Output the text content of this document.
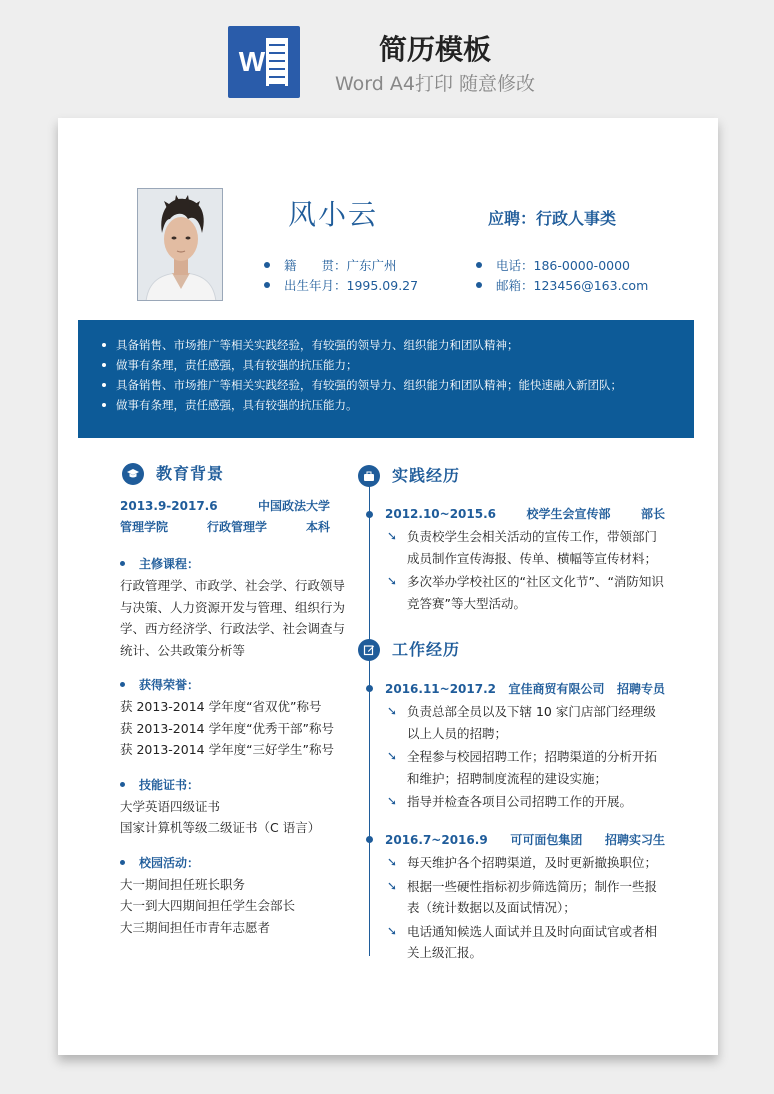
W	简历模板
Word A4打印 随意修改
风小云	应聘：行政人事类
籍　　贯：广东广州
出生年月：1995.09.27
电话：186-0000-0000
邮箱：123456@163.com
具备销售、市场推广等相关实践经验，有较强的领导力、组织能力和团队精神；
做事有条理，责任感强，具有较强的抗压能力；
具备销售、市场推广等相关实践经验，有较强的领导力、组织能力和团队精神；能快速融入新团队；
做事有条理，责任感强，具有较强的抗压能力。
教育背景
2013.9-2017.6	中国政法大学
管理学院	行政管理学	本科
主修课程：
行政管理学、市政学、社会学、行政领导与决策、人力资源开发与管理、组织行为学、西方经济学、行政法学、社会调查与统计、公共政策分析等
获得荣誉：
获 2013-2014 学年度“省双优”称号
获 2013-2014 学年度“优秀干部”称号
获 2013-2014 学年度“三好学生”称号
技能证书：
大学英语四级证书
国家计算机等级二级证书（C 语言）
校园活动：
大一期间担任班长职务
大一到大四期间担任学生会部长
大三期间担任市青年志愿者
实践经历
2012.10~2015.6	校学生会宣传部	部长
➘ 负责校学生会相关活动的宣传工作，带领部门成员制作宣传海报、传单、横幅等宣传材料；
➘ 多次举办学校社区的“社区文化节”、“消防知识竞答赛”等大型活动。
工作经历
2016.11~2017.2 宜佳商贸有限公司 招聘专员
➘ 负责总部全员以及下辖 10 家门店部门经理级以上人员的招聘；
➘ 全程参与校园招聘工作；招聘渠道的分析开拓和维护；招聘制度流程的建设实施；
➘ 指导并检查各项目公司招聘工作的开展。
2016.7~2016.9 可可面包集团 招聘实习生
➘ 每天维护各个招聘渠道，及时更新撤换职位；
➘ 根据一些硬性指标初步筛选简历；制作一些报表（统计数据以及面试情况）；
➘ 电话通知候选人面试并且及时向面试官或者相关上级汇报。
